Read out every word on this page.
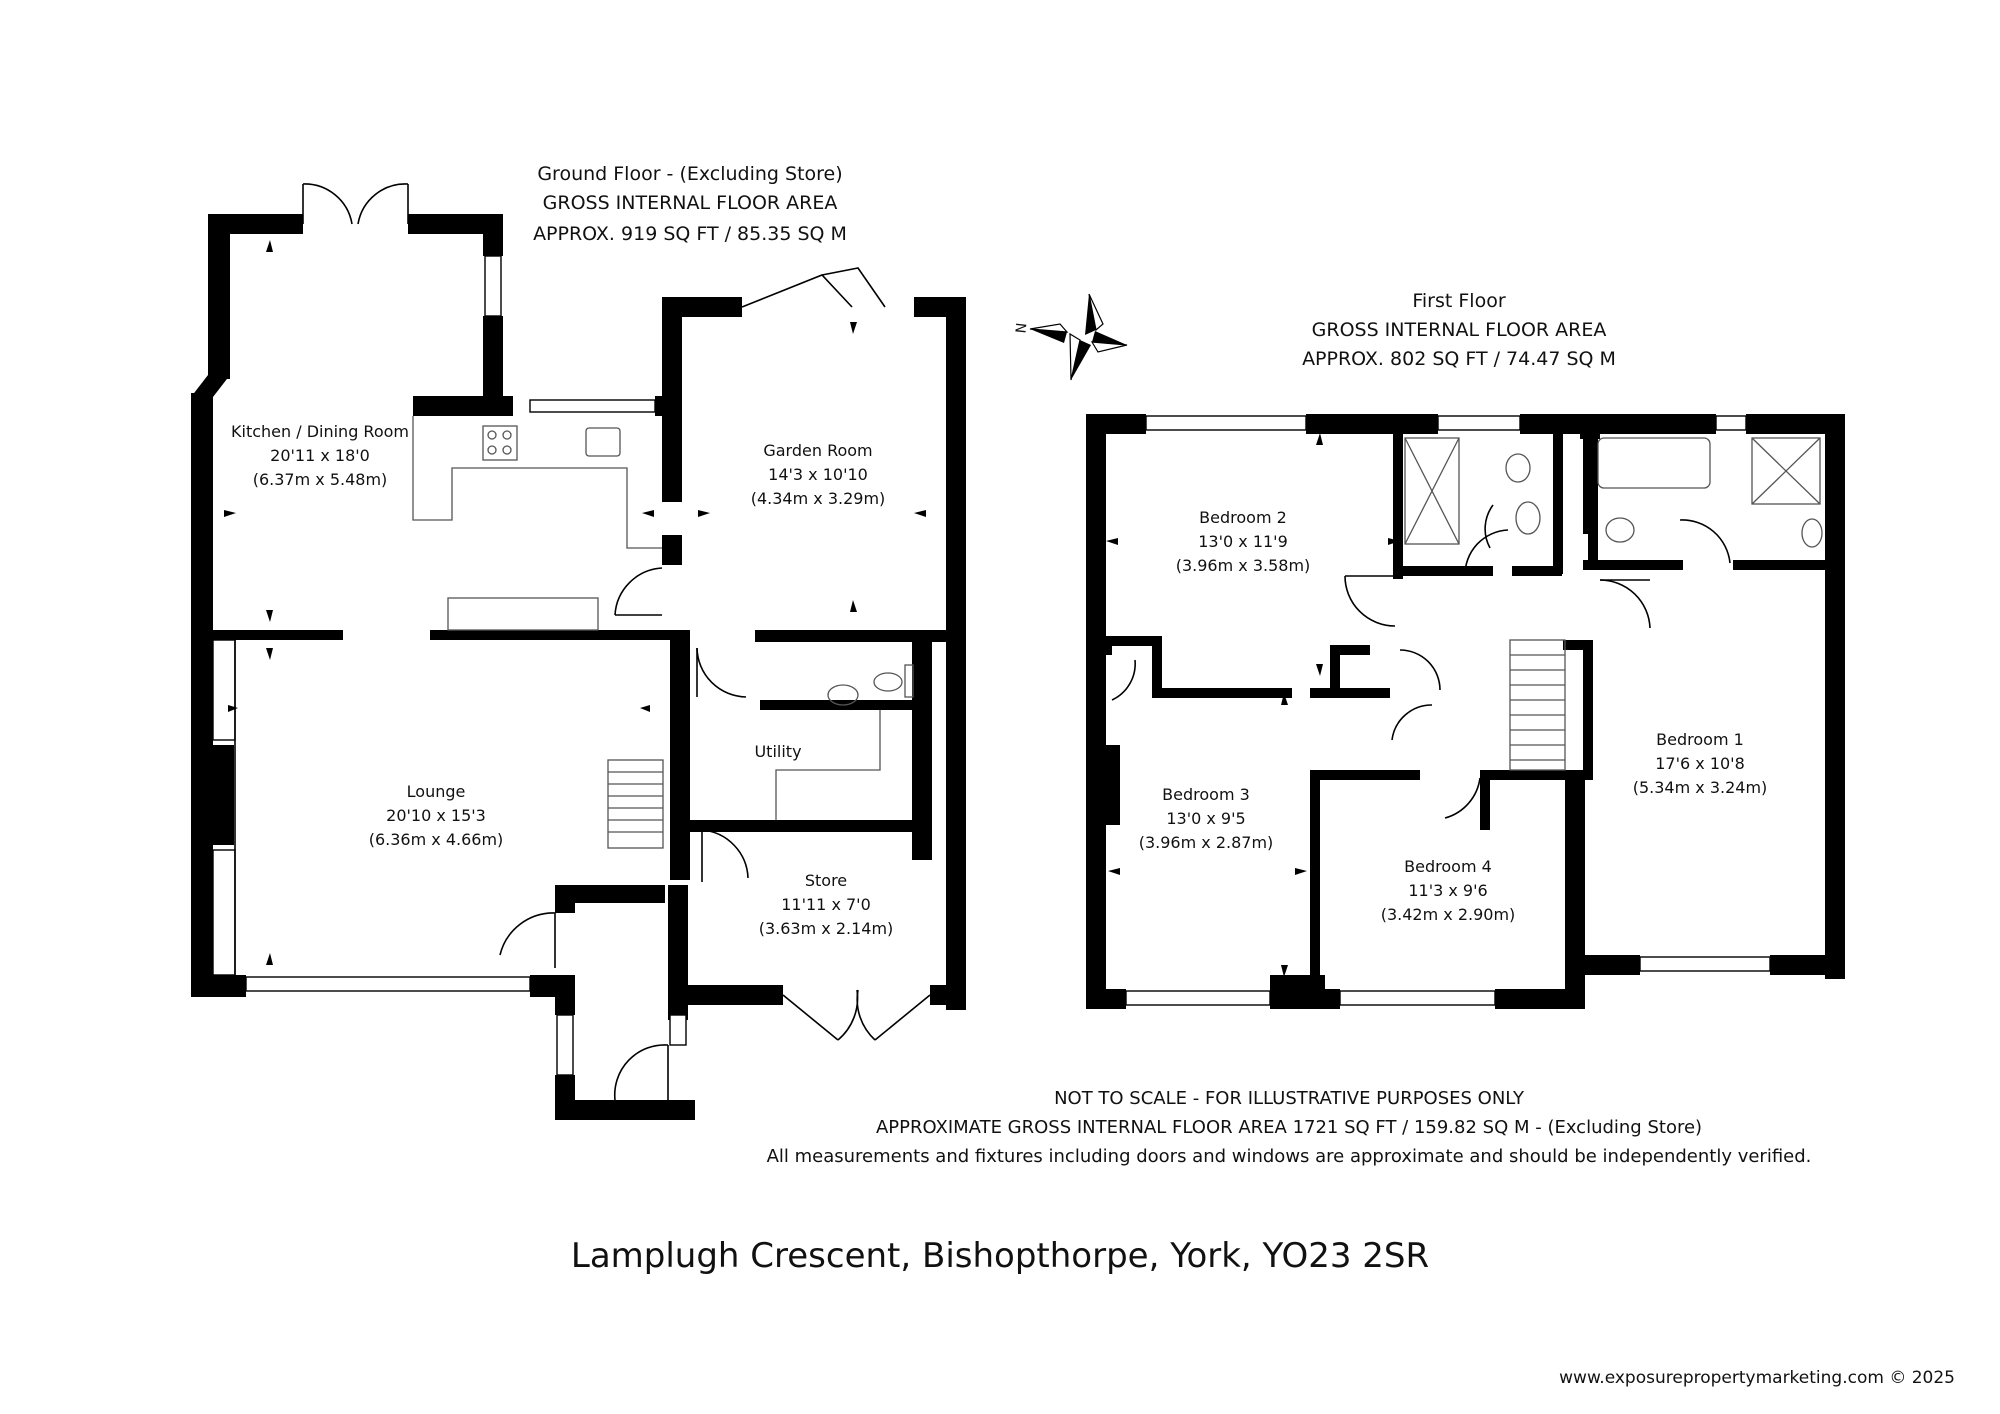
Ground Floor - (Excluding Store)
GROSS INTERNAL FLOOR AREA
APPROX. 919 SQ FT / 85.35 SQ M
Kitchen / Dining Room
20'11 x 18'0
(6.37m x 5.48m)
Garden Room
14'3 x 10'10
(4.34m x 3.29m)
Utility
Lounge
20'10 x 15'3
(6.36m x 4.66m)
Store
11'11 x 7'0
(3.63m x 2.14m)
N
First Floor
GROSS INTERNAL FLOOR AREA
APPROX. 802 SQ FT / 74.47 SQ M
Bedroom 2
13'0 x 11'9
(3.96m x 3.58m)
Bedroom 1
17'6 x 10'8
(5.34m x 3.24m)
Bedroom 3
13'0 x 9'5
(3.96m x 2.87m)
Bedroom 4
11'3 x 9'6
(3.42m x 2.90m)
NOT TO SCALE - FOR ILLUSTRATIVE PURPOSES ONLY
APPROXIMATE GROSS INTERNAL FLOOR AREA 1721 SQ FT / 159.82 SQ M - (Excluding Store)
All measurements and fixtures including doors and windows are approximate and should be independently verified.
Lamplugh Crescent, Bishopthorpe, York, YO23 2SR
www.exposurepropertymarketing.com © 2025
